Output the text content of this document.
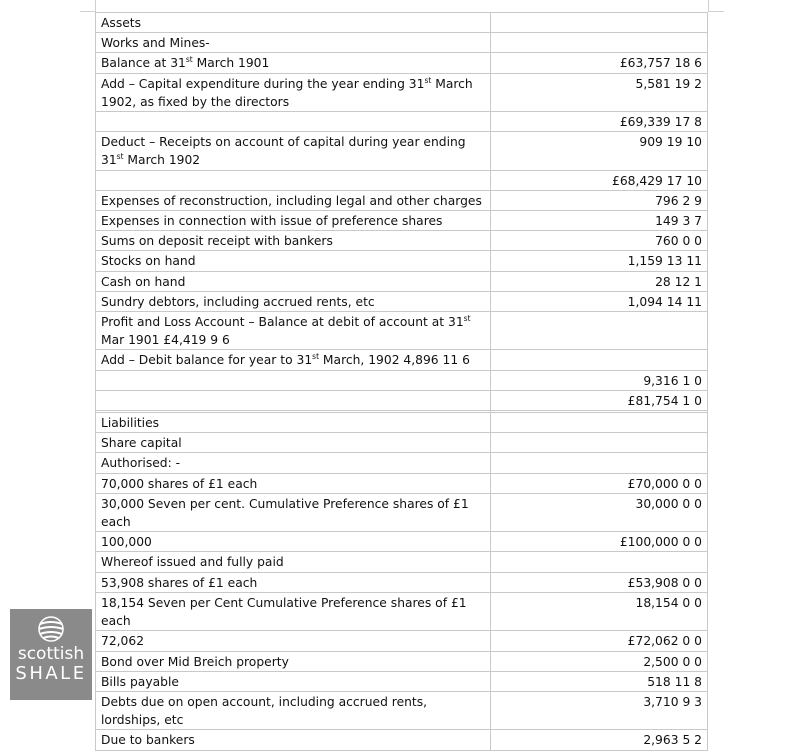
Assets	
Works and Mines-	
Balance at 31st March 1901	£63,757 18 6
Add – Capital expenditure during the year ending 31st March 1902, as fixed by the directors	5,581 19 2
	£69,339 17 8
Deduct – Receipts on account of capital during year ending 31st March 1902	909 19 10
	£68,429 17 10
Expenses of reconstruction, including legal and other charges	796 2 9
Expenses in connection with issue of preference shares	149 3 7
Sums on deposit receipt with bankers	760 0 0
Stocks on hand	1,159 13 11
Cash on hand	28 12 1
Sundry debtors, including accrued rents, etc	1,094 14 11
Profit and Loss Account – Balance at debit of account at 31st Mar 1901 £4,419 9 6	
Add – Debit balance for year to 31st March, 1902 4,896 11 6	
	9,316 1 0
	£81,754 1 0

Liabilities	
Share capital	
Authorised: -	
70,000 shares of £1 each	£70,000 0 0
30,000 Seven per cent. Cumulative Preference shares of £1 each	30,000 0 0
100,000	£100,000 0 0
Whereof issued and fully paid	
53,908 shares of £1 each	£53,908 0 0
18,154 Seven per Cent Cumulative Preference shares of £1 each	18,154 0 0
72,062	£72,062 0 0
Bond over Mid Breich property	2,500 0 0
Bills payable	518 11 8
Debts due on open account, including accrued rents, lordships, etc	3,710 9 3
Due to bankers	2,963 5 2
scottish
SHALE
